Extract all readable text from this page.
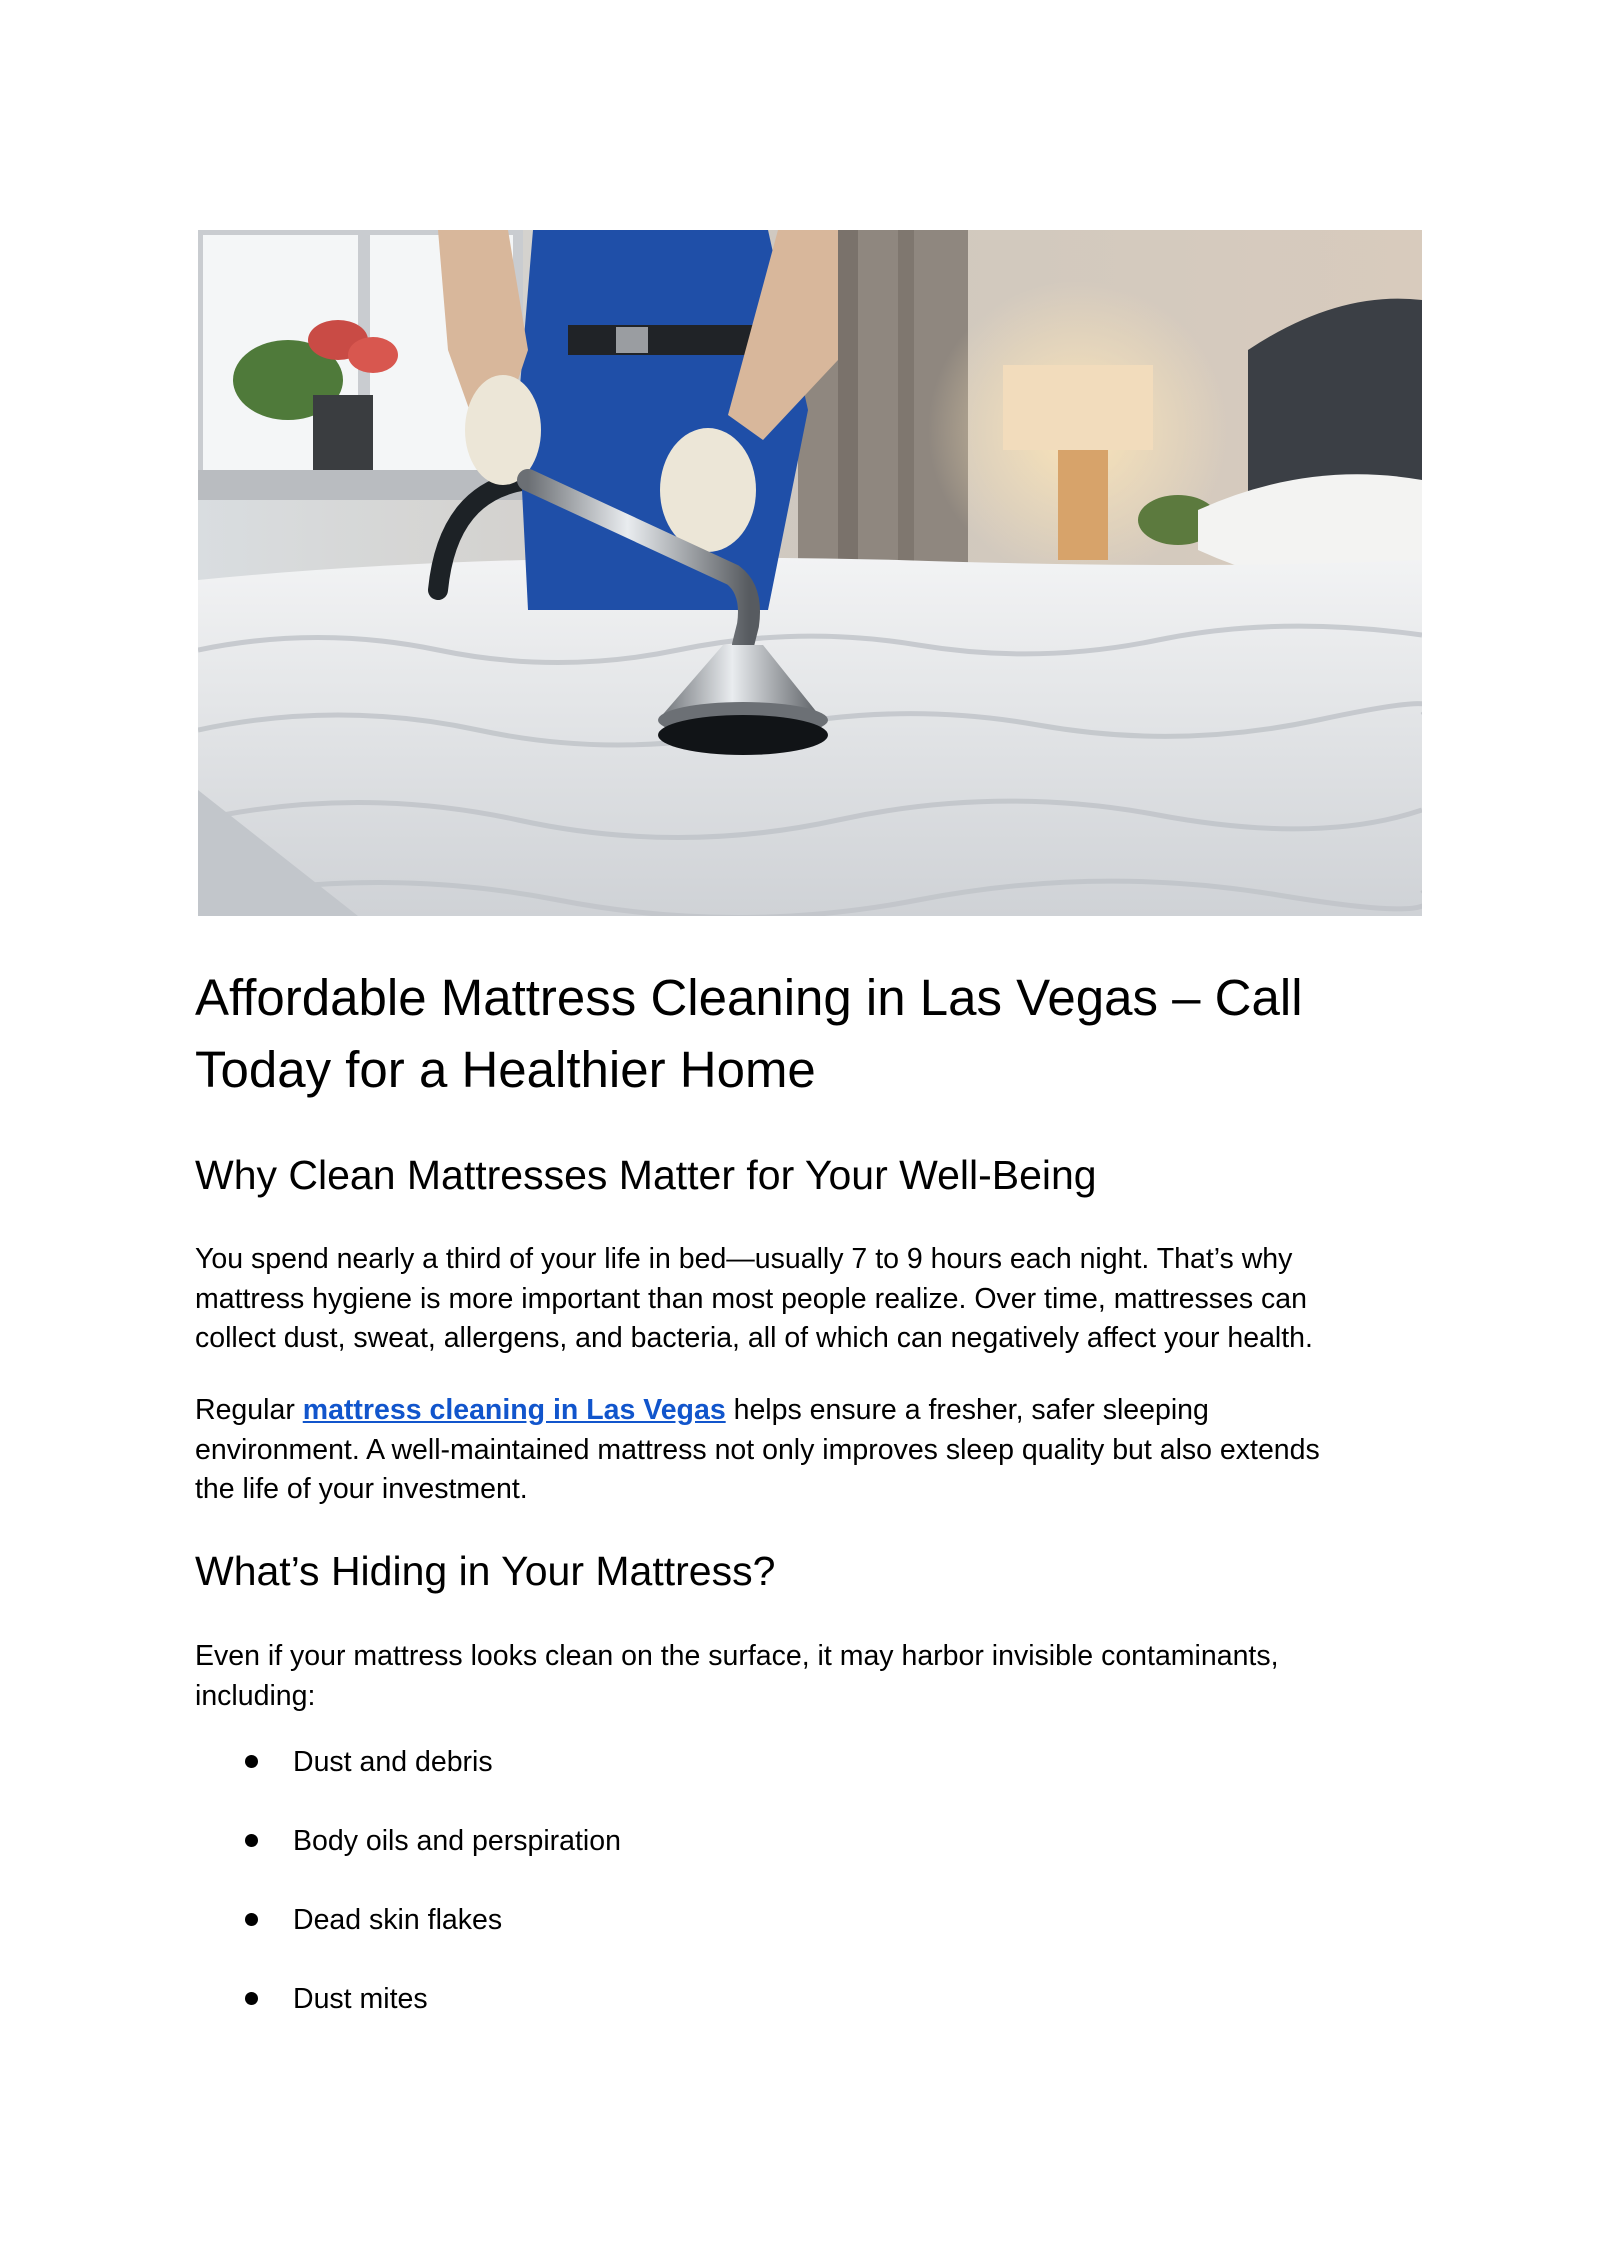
Affordable Mattress Cleaning in Las Vegas – Call
Today for a Healthier Home
Why Clean Mattresses Matter for Your Well-Being

You spend nearly a third of your life in bed—usually 7 to 9 hours each night. That’s why
mattress hygiene is more important than most people realize. Over time, mattresses can
collect dust, sweat, allergens, and bacteria, all of which can negatively affect your health.

Regular mattress cleaning in Las Vegas helps ensure a fresher, safer sleeping
environment. A well-maintained mattress not only improves sleep quality but also extends
the life of your investment.

What’s Hiding in Your Mattress?

Even if your mattress looks clean on the surface, it may harbor invisible contaminants,
including:

Dust and debris
Body oils and perspiration
Dead skin flakes
Dust mites
